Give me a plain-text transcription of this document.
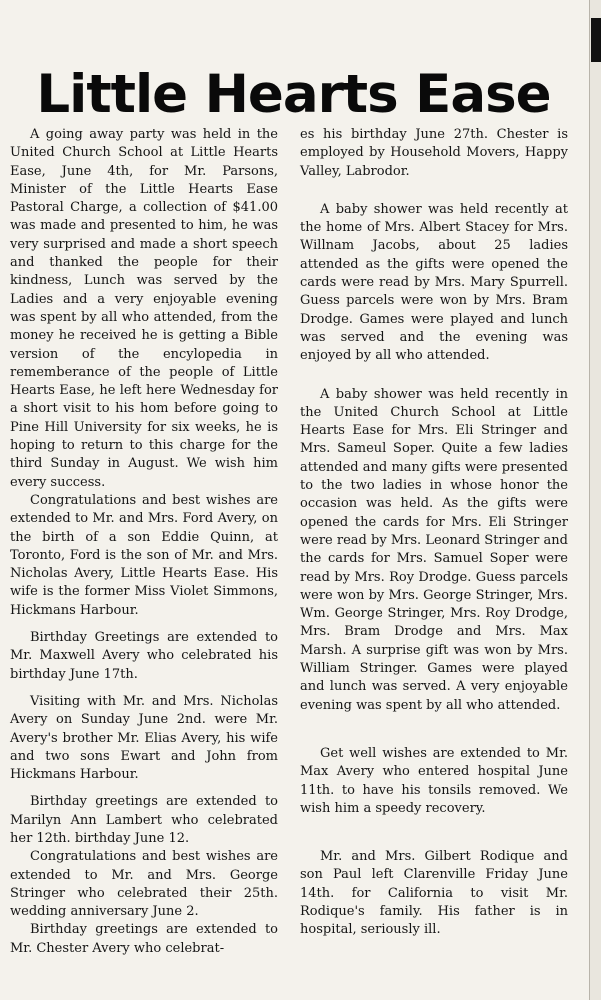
Little Hearts Ease

A going away party was held in the United Church School at Little Hearts Ease, June 4th, for Mr. Parsons, Minister of the Little Hearts Ease Pastoral Charge, a collection of $41.00 was made and presented to him, he was very surprised and made a short speech and thanked the people for their kindness, Lunch was served by the Ladies and a very enjoyable evening was spent by all who attended, from the money he received he is getting a Bible version of the encylopedia in rememberance of the people of Little Hearts Ease, he left here Wednesday for a short visit to his hom before going to Pine Hill University for six weeks, he is hoping to return to this charge for the third Sunday in August. We wish him every success.

Congratulations and best wishes are extended to Mr. and Mrs. Ford Avery, on the birth of a son Eddie Quinn, at Toronto, Ford is the son of Mr. and Mrs. Nicholas Avery, Little Hearts Ease. His wife is the former Miss Violet Simmons, Hickmans Harbour.

Birthday Greetings are extended to Mr. Maxwell Avery who celebrated his birthday June 17th.

Visiting with Mr. and Mrs. Nicholas Avery on Sunday June 2nd. were Mr. Avery's brother Mr. Elias Avery, his wife and two sons Ewart and John from Hickmans Harbour.

Birthday greetings are extended to Marilyn Ann Lambert who celebrated her 12th. birthday June 12.

Congratulations and best wishes are extended to Mr. and Mrs. George Stringer who celebrated their 25th. wedding anniversary June 2.

Birthday greetings are extended to Mr. Chester Avery who celebrat-

es his birthday June 27th. Chester is employed by Household Movers, Happy Valley, Labrodor.

A baby shower was held recently at the home of Mrs. Albert Stacey for Mrs. Willnam Jacobs, about 25 ladies attended as the gifts were opened the cards were read by Mrs. Mary Spurrell. Guess parcels were won by Mrs. Bram Drodge. Games were played and lunch was served and the evening was enjoyed by all who attended.

A baby shower was held recently in the United Church School at Little Hearts Ease for Mrs. Eli Stringer and Mrs. Sameul Soper. Quite a few ladies attended and many gifts were presented to the two ladies in whose honor the occasion was held. As the gifts were opened the cards for Mrs. Eli Stringer were read by Mrs. Leonard Stringer and the cards for Mrs. Samuel Soper were read by Mrs. Roy Drodge. Guess parcels were won by Mrs. George Stringer, Mrs. Wm. George Stringer, Mrs. Roy Drodge, Mrs. Bram Drodge and Mrs. Max Marsh. A surprise gift was won by Mrs. William Stringer. Games were played and lunch was served. A very enjoyable evening was spent by all who attended.

Get well wishes are extended to Mr. Max Avery who entered hospital June 11th. to have his tonsils removed. We wish him a speedy recovery.

Mr. and Mrs. Gilbert Rodique and son Paul left Clarenville Friday June 14th. for California to visit Mr. Rodique's family. His father is in hospital, seriously ill.
